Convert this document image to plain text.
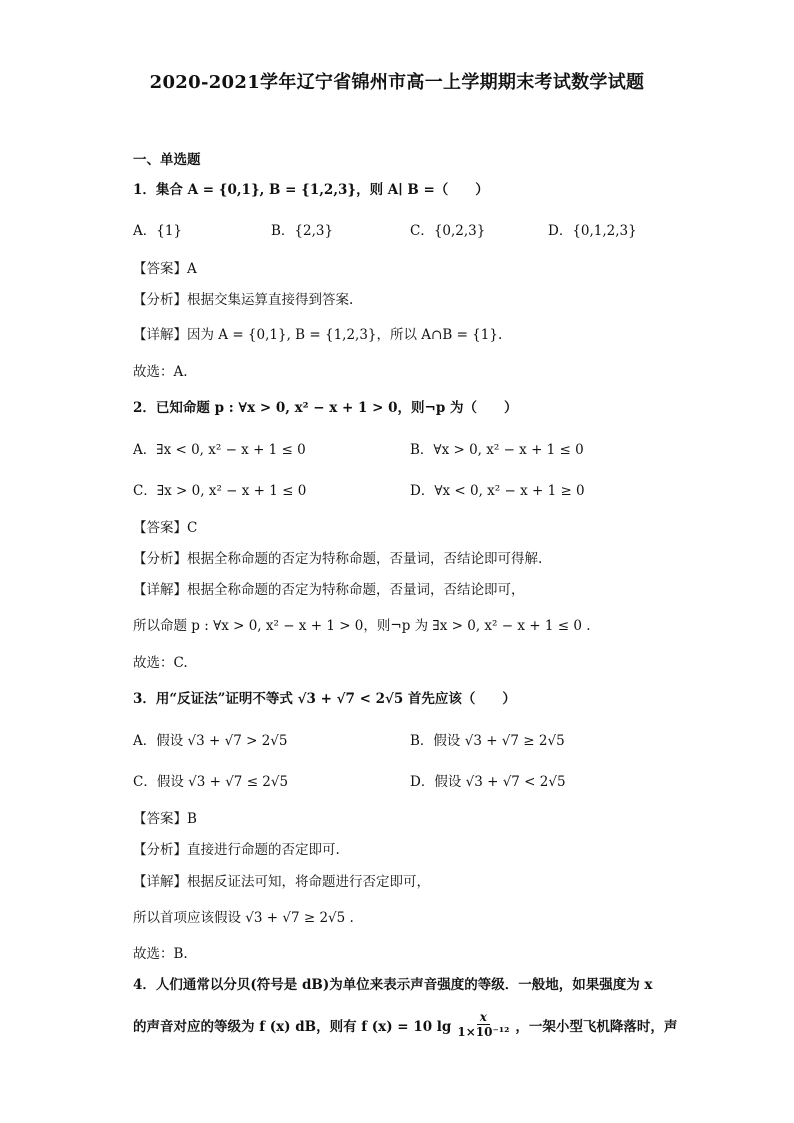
2020-2021学年辽宁省锦州市高一上学期期末考试数学试题
一、单选题
1．集合 A = {0,1}, B = {1,2,3}，则 A∣ B =（　　）
A．{1}	B．{2,3}	C．{0,2,3}	D．{0,1,2,3}
【答案】A
【分析】根据交集运算直接得到答案.
【详解】因为 A = {0,1}, B = {1,2,3}，所以 A∩B = {1}.
故选：A.
2．已知命题 p : ∀x > 0, x² − x + 1 > 0，则¬p 为（　　）
A．∃x < 0, x² − x + 1 ≤ 0	B．∀x > 0, x² − x + 1 ≤ 0
C．∃x > 0, x² − x + 1 ≤ 0	D．∀x < 0, x² − x + 1 ≥ 0
【答案】C
【分析】根据全称命题的否定为特称命题，否量词，否结论即可得解.
【详解】根据全称命题的否定为特称命题，否量词，否结论即可，
所以命题 p : ∀x > 0, x² − x + 1 > 0，则¬p 为 ∃x > 0, x² − x + 1 ≤ 0 .
故选：C.
3．用“反证法”证明不等式 √3 + √7 < 2√5 首先应该（　　）
A．假设 √3 + √7 > 2√5	B．假设 √3 + √7 ≥ 2√5
C．假设 √3 + √7 ≤ 2√5	D．假设 √3 + √7 < 2√5
【答案】B
【分析】直接进行命题的否定即可.
【详解】根据反证法可知，将命题进行否定即可，
所以首项应该假设 √3 + √7 ≥ 2√5 .
故选：B.
4．人们通常以分贝(符号是 dB)为单位来表示声音强度的等级．一般地，如果强度为 x
的声音对应的等级为 f (x) dB，则有 f (x) = 10 $\lg \frac{x}{\text{1×10⁻¹²}}$ ，一架小型飞机降落时，声
